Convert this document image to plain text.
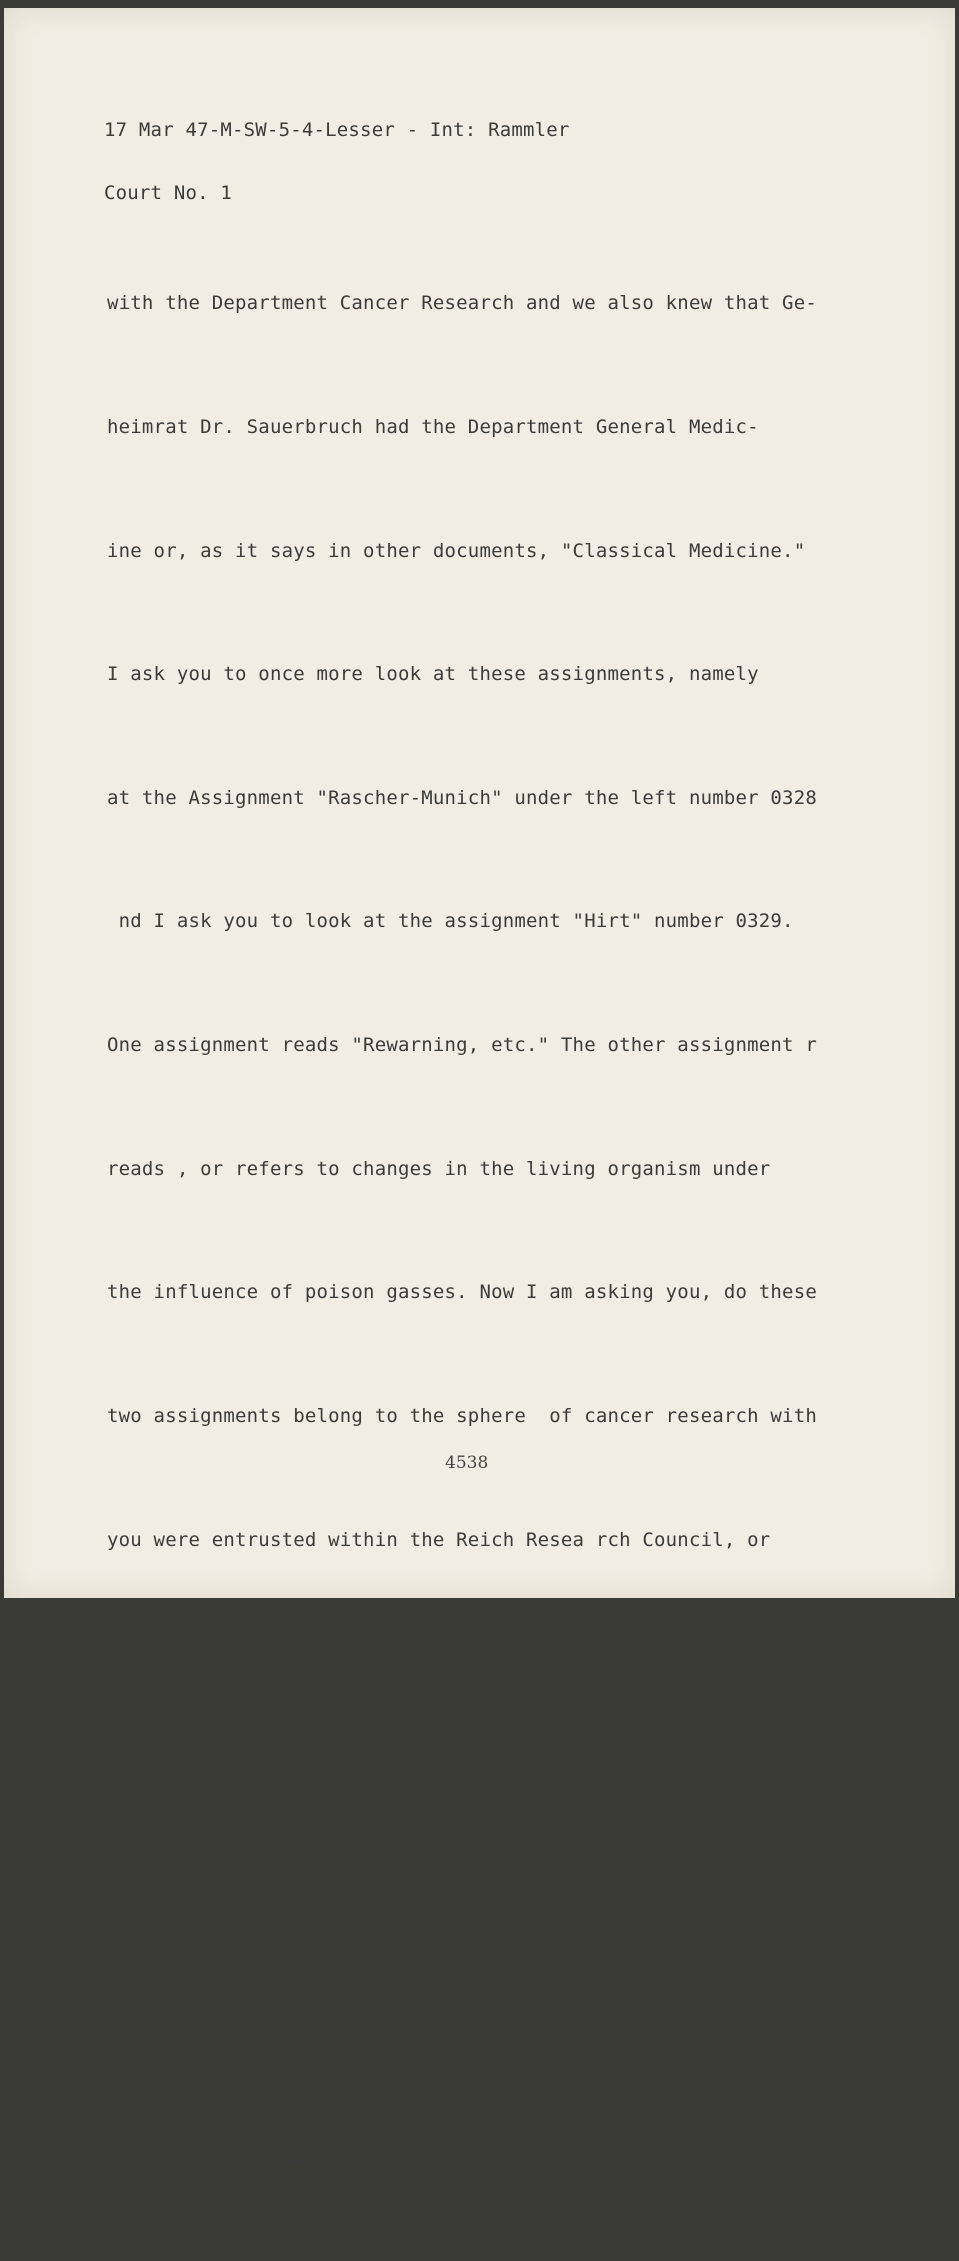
17 Mar 47-M-SW-5-4-Lesser - Int: Rammler

Court No. 1

with the Department Cancer Research and we also knew that Ge-

heimrat Dr. Sauerbruch had the Department General Medic-

ine or, as it says in other documents, "Classical Medicine."

I ask you to once more look at these assignments, namely

at the Assignment "Rascher-Munich" under the left number 0328

nd I ask you to look at the assignment "Hirt" number 0329.

One assignment reads "Rewarning, etc." The other assignment r

reads , or refers to changes in the living organism under

the influence of poison gasses. Now I am asking you, do these

two assignments belong to the sphere  of cancer research with

you were entrusted within the Reich Resea rch Council, or

do they belong to the sphere of  general or classical medicine

with which Geheimrat Sauerbruch was entrusted as the de-

partmental head? I ask you to answer this question very

clearly because from that the conclusion may be drawn whether

an error wa s made in the entries.

4538
